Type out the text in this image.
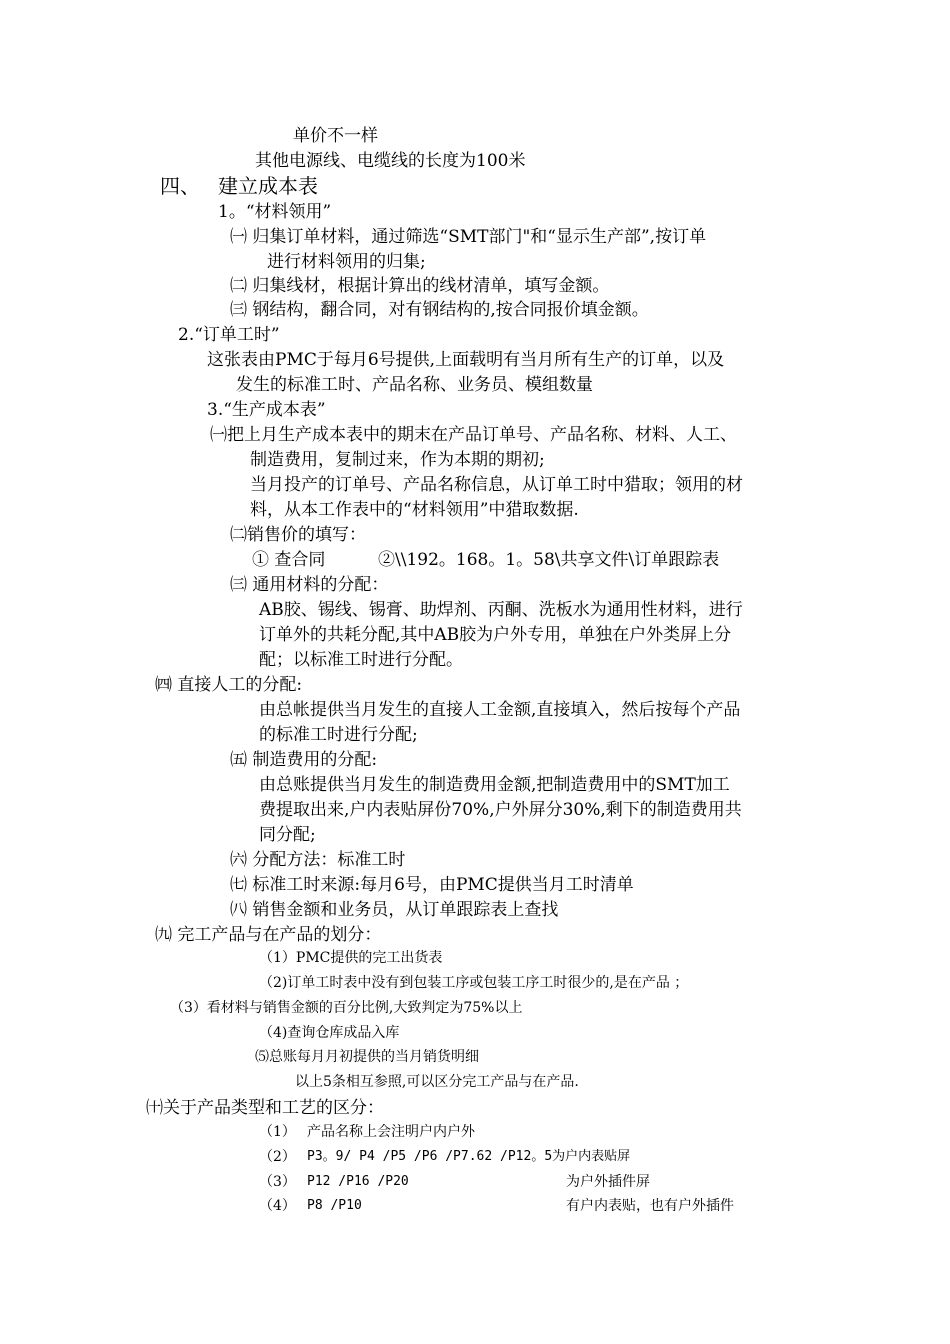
单价不一样
其他电源线、电缆线的长度为100米
四、 建立成本表
1。“材料领用”
㈠ 归集订单材料，通过筛选“SMT部门"和“显示生产部”,按订单
进行材料领用的归集;
㈡ 归集线材，根据计算出的线材清单，填写金额。
㈢ 钢结构，翻合同，对有钢结构的,按合同报价填金额。
2.“订单工时”
这张表由PMC于每月6号提供,上面载明有当月所有生产的订单，以及
发生的标准工时、产品名称、业务员、模组数量
3.“生产成本表”
㈠把上月生产成本表中的期末在产品订单号、产品名称、材料、人工、
制造费用，复制过来，作为本期的期初;
当月投产的订单号、产品名称信息，从订单工时中猎取；领用的材
料，从本工作表中的“材料领用”中猎取数据.
㈡销售价的填写：
① 查合同	②\\192。168。1。58\共享文件\订单跟踪表
㈢ 通用材料的分配：
AB胶、锡线、锡膏、助焊剂、丙酮、洗板水为通用性材料，进行
订单外的共耗分配,其中AB胶为户外专用，单独在户外类屏上分
配；以标准工时进行分配。
㈣ 直接人工的分配:
由总帐提供当月发生的直接人工金额,直接填入，然后按每个产品
的标准工时进行分配;
㈤ 制造费用的分配:
由总账提供当月发生的制造费用金额,把制造费用中的SMT加工
费提取出来,户内表贴屏份70%,户外屏分30%,剩下的制造费用共
同分配;
㈥ 分配方法：标准工时
㈦ 标准工时来源:每月6号，由PMC提供当月工时清单
㈧ 销售金额和业务员，从订单跟踪表上查找
㈨ 完工产品与在产品的划分：
（1）PMC提供的完工出货表
（2)订单工时表中没有到包装工序或包装工序工时很少的,是在产品 ；
（3）看材料与销售金额的百分比例,大致判定为75%以上
（4)查询仓库成品入库
⑸总账每月月初提供的当月销货明细
以上5条相互参照,可以区分完工产品与在产品.
㈩关于产品类型和工艺的区分：
（1） 产品名称上会注明户内户外
（2） P3。9/ P4 /P5 /P6 /P7.62 /P12。5为户内表贴屏
（3） P12 /P16 /P20	为户外插件屏
（4） P8 /P10	有户内表贴，也有户外插件
